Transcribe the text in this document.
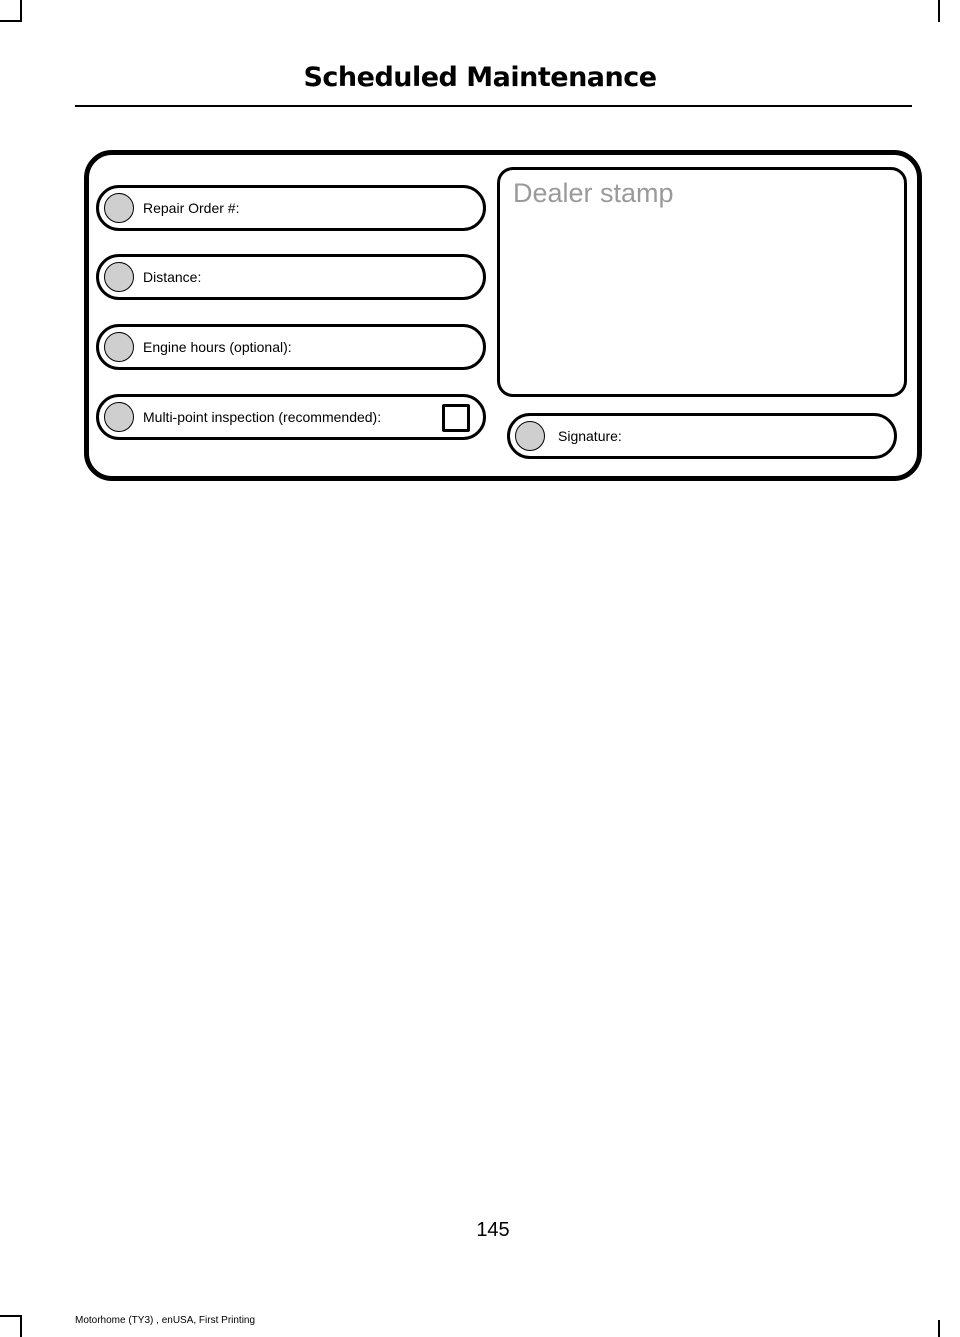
Scheduled Maintenance
Repair Order #:
Distance:
Engine hours (optional):
Multi-point inspection (recommended):
Dealer stamp
Signature:
145
Motorhome (TY3) , enUSA, First Printing
